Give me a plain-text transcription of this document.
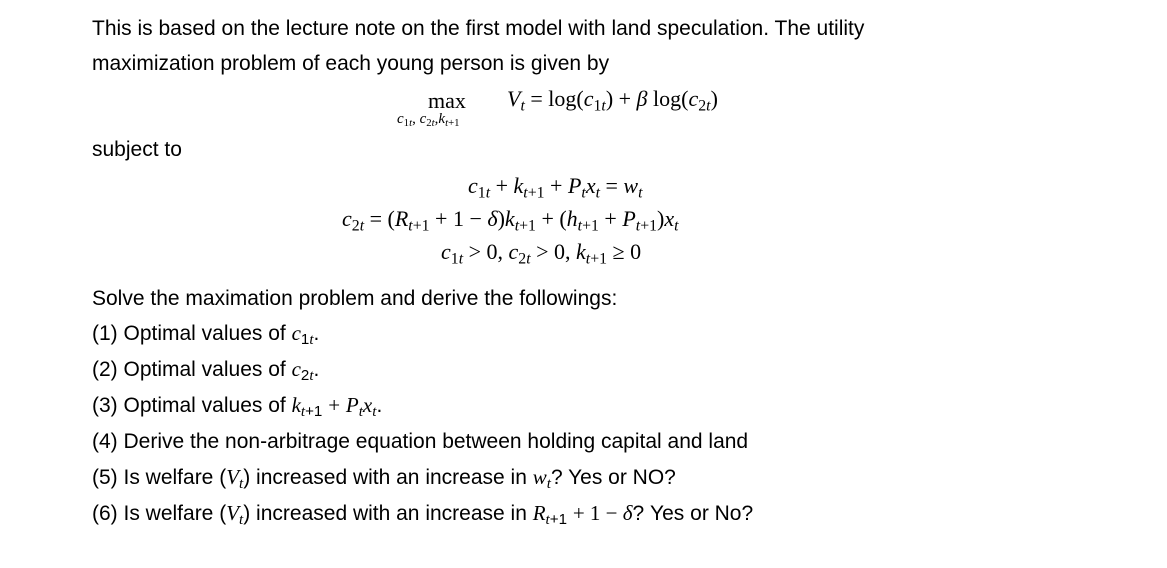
This is based on the lecture note on the first model with land speculation. The utility
maximization problem of each young person is given by
max
$c_{1t}$, $c_{2t},k_{t+1}$
$V_t = \log(c_{1t}) + \beta$ $\log(c_{2t})$
subject to
$c_{1t} + k_{t+1} + P_tx_t = w_t$
$c_{2t} = (R_{t+1} + 1 - \delta)k_{t+1} + (h_{t+1} + P_{t+1})x_t$
$c_{1t} > 0$, $c_{2t} > 0$, $k_{t+1} \ge 0$
Solve the maximation problem and derive the followings:
(1) Optimal values of $c_{1t}$.
(2) Optimal values of $c_{2t}$.
(3) Optimal values of $k_{t+1} + P_tx_t$.
(4) Derive the non-arbitrage equation between holding capital and land
(5) Is welfare $(V_t)$ increased with an increase in $w_t$? Yes or NO?
(6) Is welfare $(V_t)$ increased with an increase in $R_{t+1} + 1 - \delta$? Yes or No?
